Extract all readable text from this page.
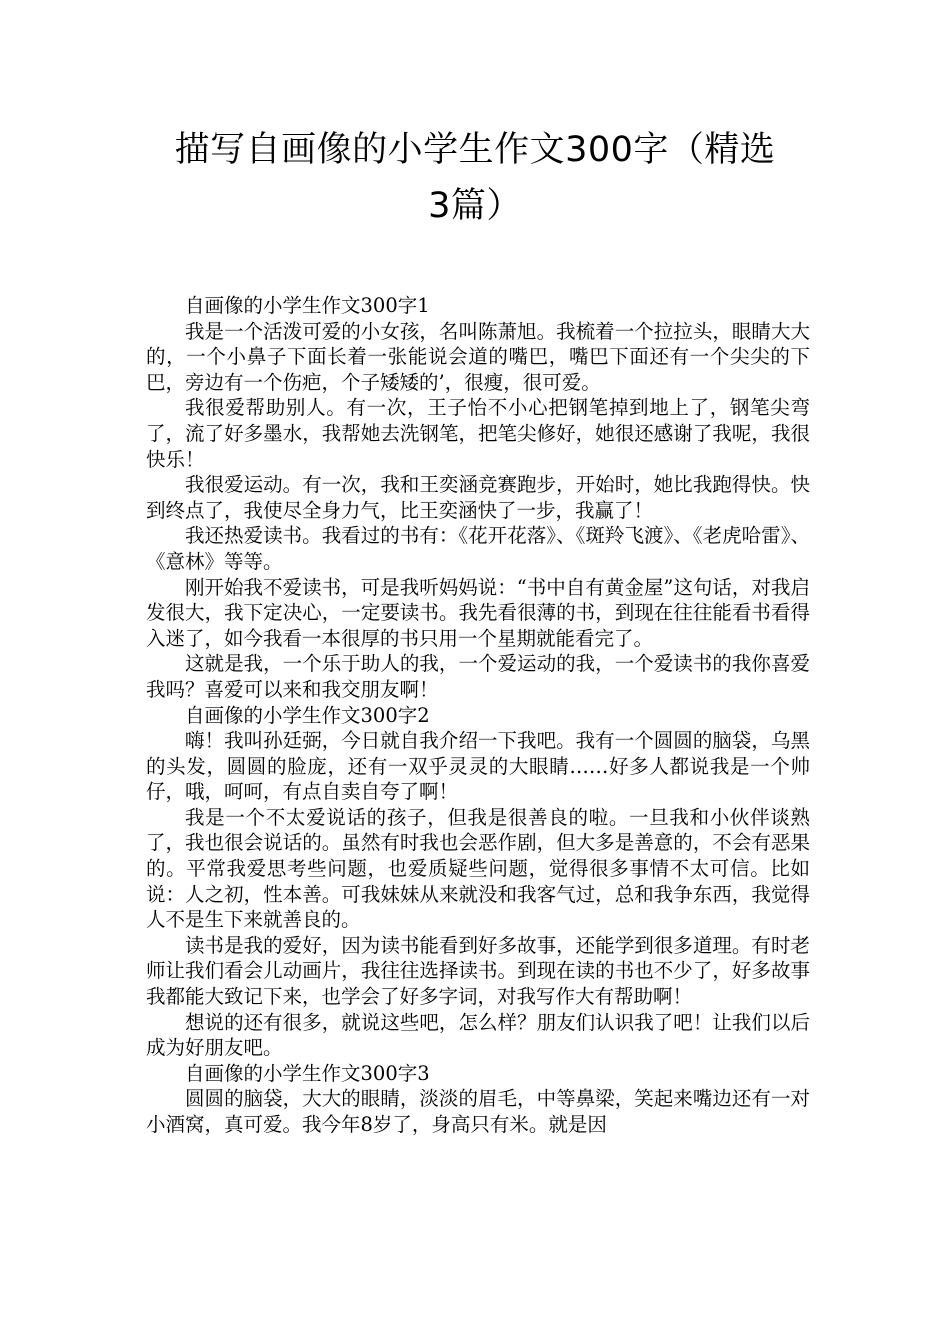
描写自画像的小学生作文300字（精选
3篇）

自画像的小学生作文300字1

我是一个活泼可爱的小女孩，名叫陈萧旭。我梳着一个拉拉头，眼睛大大的，一个小鼻子下面长着一张能说会道的嘴巴，嘴巴下面还有一个尖尖的下巴，旁边有一个伤疤，个子矮矮的’，很瘦，很可爱。

我很爱帮助别人。有一次，王子怡不小心把钢笔掉到地上了，钢笔尖弯了，流了好多墨水，我帮她去洗钢笔，把笔尖修好，她很还感谢了我呢，我很快乐！

我很爱运动。有一次，我和王奕涵竞赛跑步，开始时，她比我跑得快。快到终点了，我使尽全身力气，比王奕涵快了一步，我赢了！

我还热爱读书。我看过的书有：《花开花落》、《斑羚飞渡》、《老虎哈雷》、《意林》等等。

刚开始我不爱读书，可是我听妈妈说：“书中自有黄金屋”这句话，对我启发很大，我下定决心，一定要读书。我先看很薄的书，到现在往往能看书看得入迷了，如今我看一本很厚的书只用一个星期就能看完了。

这就是我，一个乐于助人的我，一个爱运动的我，一个爱读书的我你喜爱我吗？喜爱可以来和我交朋友啊！

自画像的小学生作文300字2

嗨！我叫孙廷弼，今日就自我介绍一下我吧。我有一个圆圆的脑袋，乌黑的头发，圆圆的脸庞，还有一双乎灵灵的大眼睛……好多人都说我是一个帅仔，哦，呵呵，有点自卖自夸了啊！

我是一个不太爱说话的孩子，但我是很善良的啦。一旦我和小伙伴谈熟了，我也很会说话的。虽然有时我也会恶作剧，但大多是善意的，不会有恶果的。平常我爱思考些问题，也爱质疑些问题，觉得很多事情不太可信。比如说：人之初，性本善。可我妹妹从来就没和我客气过，总和我争东西，我觉得人不是生下来就善良的。

读书是我的爱好，因为读书能看到好多故事，还能学到很多道理。有时老师让我们看会儿动画片，我往往选择读书。到现在读的书也不少了，好多故事我都能大致记下来，也学会了好多字词，对我写作大有帮助啊！

想说的还有很多，就说这些吧，怎么样？朋友们认识我了吧！让我们以后成为好朋友吧。

自画像的小学生作文300字3

圆圆的脑袋，大大的眼睛，淡淡的眉毛，中等鼻梁，笑起来嘴边还有一对小酒窝，真可爱。我今年8岁了，身高只有米。就是因
